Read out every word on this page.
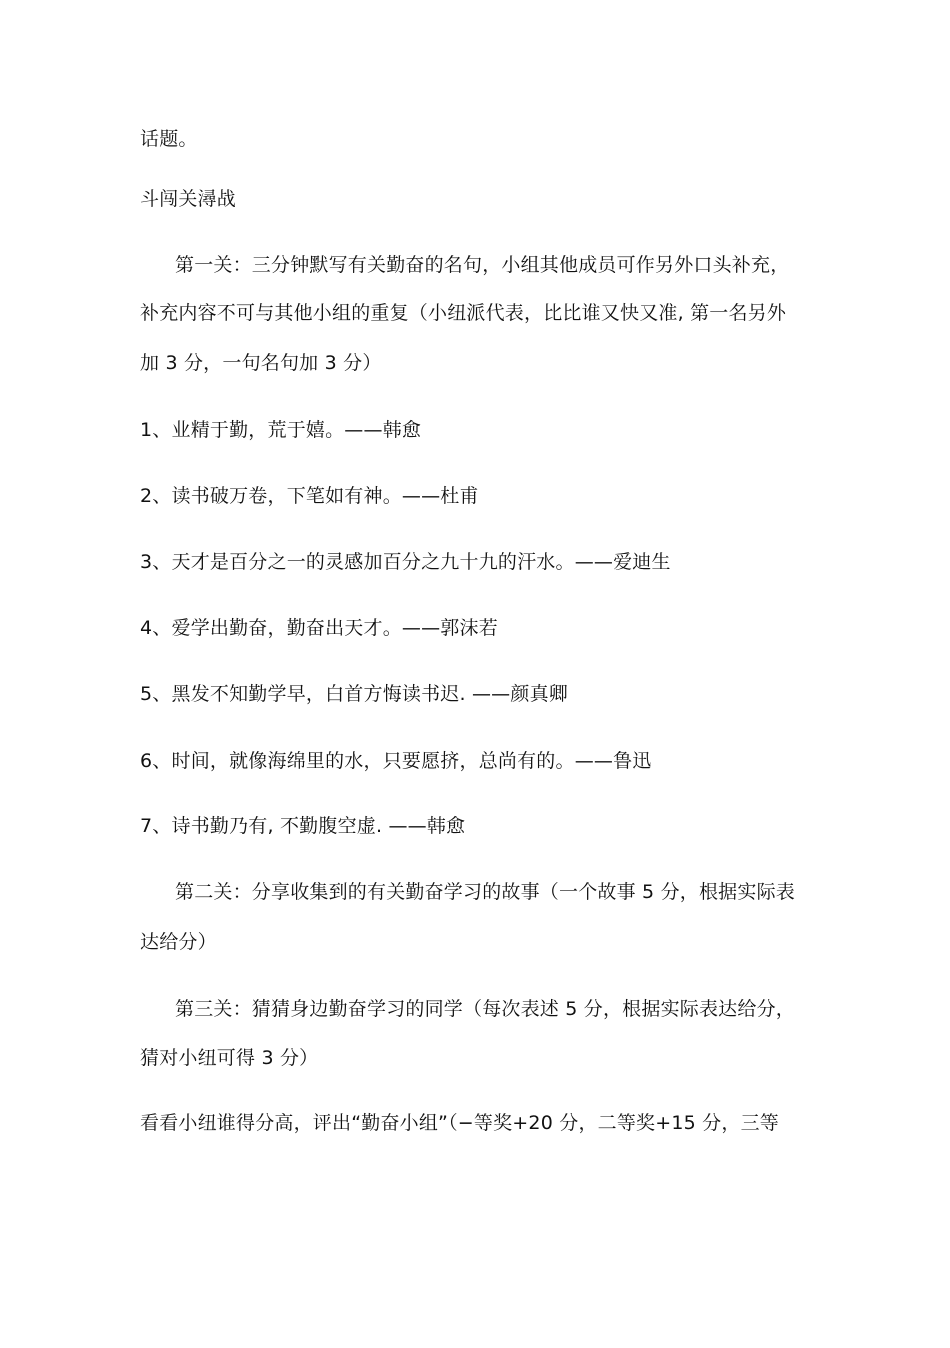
话题。
斗闯关潯战
第一关：三分钟默写有关勤奋的名句，小组其他成员可作另外口头补充，
补充内容不可与其他小组的重复（小纽派代表，比比谁又快又准, 第一名另外
加 3 分，一句名句加 3 分）
1、业精于勤，荒于嬉。——韩愈
2、读书破万卷，下笔如有神。——杜甫
3、天才是百分之一的灵感加百分之九十九的汗水。——爱迪生
4、爱学出勤奋，勤奋出天才。——郭沫若
5、黑发不知勤学早，白首方悔读书迟. ——颜真卿
6、时间，就像海绵里的水，只要愿挤，总尚有的。——鲁迅
7、诗书勤乃有, 不勤腹空虚. ——韩愈
第二关：分享收集到的有关勤奋学习的故事（一个故事 5 分，根据实际表
达给分）
第三关：猜猜身边勤奋学习的同学（每次表述 5 分，根据实际表达给分，
猜对小纽可得 3 分）
看看小纽谁得分高，评出“勤奋小组”（−等奖+20 分，二等奖+15 分，三等
